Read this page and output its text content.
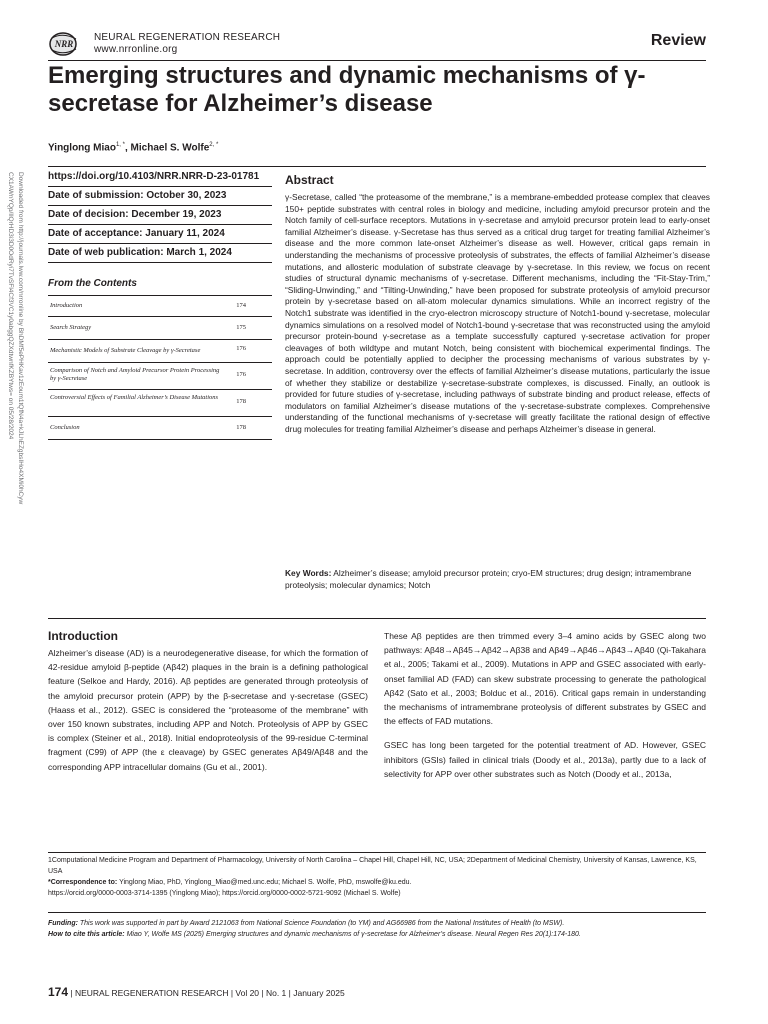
NRR
NEURAL REGENERATION RESEARCH
www.nrronline.org
Review
Emerging structures and dynamic mechanisms of γ-secretase for Alzheimer’s disease
Yinglong Miao$^{1, *}$, Michael S. Wolfe$^{2, *}$
Downloaded from http://journals.lww.com/nrronline by BhDMf5ePHKav1zEoum1tQfN4a+kJLhEZgbsIHo4XMi0hCyw
CX1AWnYQp/IlQrHD3i3D0OdRyi7TvSFl4Cf3VC1y0abggQZXdtwnfKZBYtws= on 05/28/2024	https://doi.org/10.4103/NRR.NRR-D-23-01781
Date of submission: October 30, 2023
Date of decision: December 19, 2023
Date of acceptance: January 11, 2024
Date of web publication: March 1, 2024
From the Contents
Introduction	174
Search Strategy	175
Mechanistic Models of Substrate Cleavage by γ-Secretase	176
Comparison of Notch and Amyloid Precursor Protein Processing by γ-Secretase
176
Controversial Effects of Familial Alzheimer’s Disease Mutations
178
Conclusion	178
Abstract
γ-Secretase, called “the proteasome of the membrane,” is a membrane-embedded protease complex that cleaves 150+ peptide substrates with central roles in biology and medicine, including amyloid precursor protein and the Notch family of cell-surface receptors. Mutations in γ-secretase and amyloid precursor protein lead to early-onset familial Alzheimer’s disease. γ-Secretase has thus served as a critical drug target for treating familial Alzheimer’s disease and the more common late-onset Alzheimer’s disease as well. However, critical gaps remain in understanding the mechanisms of processive proteolysis of substrates, the effects of familial Alzheimer’s disease mutations, and allosteric modulation of substrate cleavage by γ-secretase. In this review, we focus on recent studies of structural dynamic mechanisms of γ-secretase. Different mechanisms, including the “Fit-Stay-Trim,” “Sliding-Unwinding,” and “Tilting-Unwinding,” have been proposed for substrate proteolysis of amyloid precursor protein by γ-secretase based on all-atom molecular dynamics simulations. While an incorrect registry of the Notch1 substrate was identified in the cryo-electron microscopy structure of Notch1-bound γ-secretase, molecular dynamics simulations on a resolved model of Notch1-bound γ-secretase that was reconstructed using the amyloid precursor protein-bound γ-secretase as a template successfully captured γ-secretase activation for proper cleavages of both wildtype and mutant Notch, being consistent with biochemical experimental findings. The approach could be potentially applied to decipher the processing mechanisms of various substrates by γ-secretase. In addition, controversy over the effects of familial Alzheimer’s disease mutations, particularly the issue of whether they stabilize or destabilize γ-secretase-substrate complexes, is discussed. Finally, an outlook is provided for future studies of γ-secretase, including pathways of substrate binding and product release, effects of modulators on familial Alzheimer’s disease mutations of the γ-secretase-substrate complexes. Comprehensive understanding of the functional mechanisms of γ-secretase will greatly facilitate the rational design of effective drug molecules for treating familial Alzheimer’s disease and perhaps Alzheimer’s disease in general.
Key Words: Alzheimer’s disease; amyloid precursor protein; cryo-EM structures; drug design; intramembrane proteolysis; molecular dynamics; Notch
Introduction
Alzheimer’s disease (AD) is a neurodegenerative disease, for which the formation of 42-residue amyloid β-peptide (Aβ42) plaques in the brain is a defining pathological feature (Selkoe and Hardy, 2016). Aβ peptides are generated through proteolysis of the amyloid precursor protein (APP) by the β-secretase and γ-secretase (GSEC) (Haass et al., 2012). GSEC is considered the “proteasome of the membrane” with over 150 known substrates, including APP and Notch. Proteolysis of APP by GSEC is complex (Steiner et al., 2018). Initial endoproteolysis of the 99-residue C-terminal fragment (C99) of APP (the ε cleavage) by GSEC generates Aβ49/Aβ48 and the corresponding APP intracellular domains (Gu et al., 2001).

These Aβ peptides are then trimmed every 3–4 amino acids by GSEC along two pathways: Aβ48→Aβ45→Aβ42→Aβ38 and Aβ49→Aβ46→Aβ43→Aβ40 (Qi-Takahara et al., 2005; Takami et al., 2009). Mutations in APP and GSEC associated with early-onset familial AD (FAD) can skew substrate processing to generate the pathological Aβ42 (Sato et al., 2003; Bolduc et al., 2016). Critical gaps remain in understanding the mechanisms of intramembrane proteolysis of different substrates by GSEC and the effects of FAD mutations.

GSEC has long been targeted for the potential treatment of AD. However, GSEC inhibitors (GSIs) failed in clinical trials (Doody et al., 2013a), partly due to a lack of selectivity for APP over other substrates such as Notch (Doody et al., 2013a,

1Computational Medicine Program and Department of Pharmacology, University of North Carolina – Chapel Hill, Chapel Hill, NC, USA; 2Department of Medicinal Chemistry, University of Kansas, Lawrence, KS, USA
*Correspondence to: Yinglong Miao, PhD, Yinglong_Miao@med.unc.edu; Michael S. Wolfe, PhD, mswolfe@ku.edu.
https://orcid.org/0000-0003-3714-1395 (Yinglong Miao); https://orcid.org/0000-0002-5721-9092 (Michael S. Wolfe)
Funding: This work was supported in part by Award 2121063 from National Science Foundation (to YM) and AG66986 from the National Institutes of Health (to MSW).
How to cite this article: Miao Y, Wolfe MS (2025) Emerging structures and dynamic mechanisms of γ-secretase for Alzheimer’s disease. Neural Regen Res 20(1):174-180.
174 | NEURAL REGENERATION RESEARCH | Vol 20 | No. 1 | January 2025
